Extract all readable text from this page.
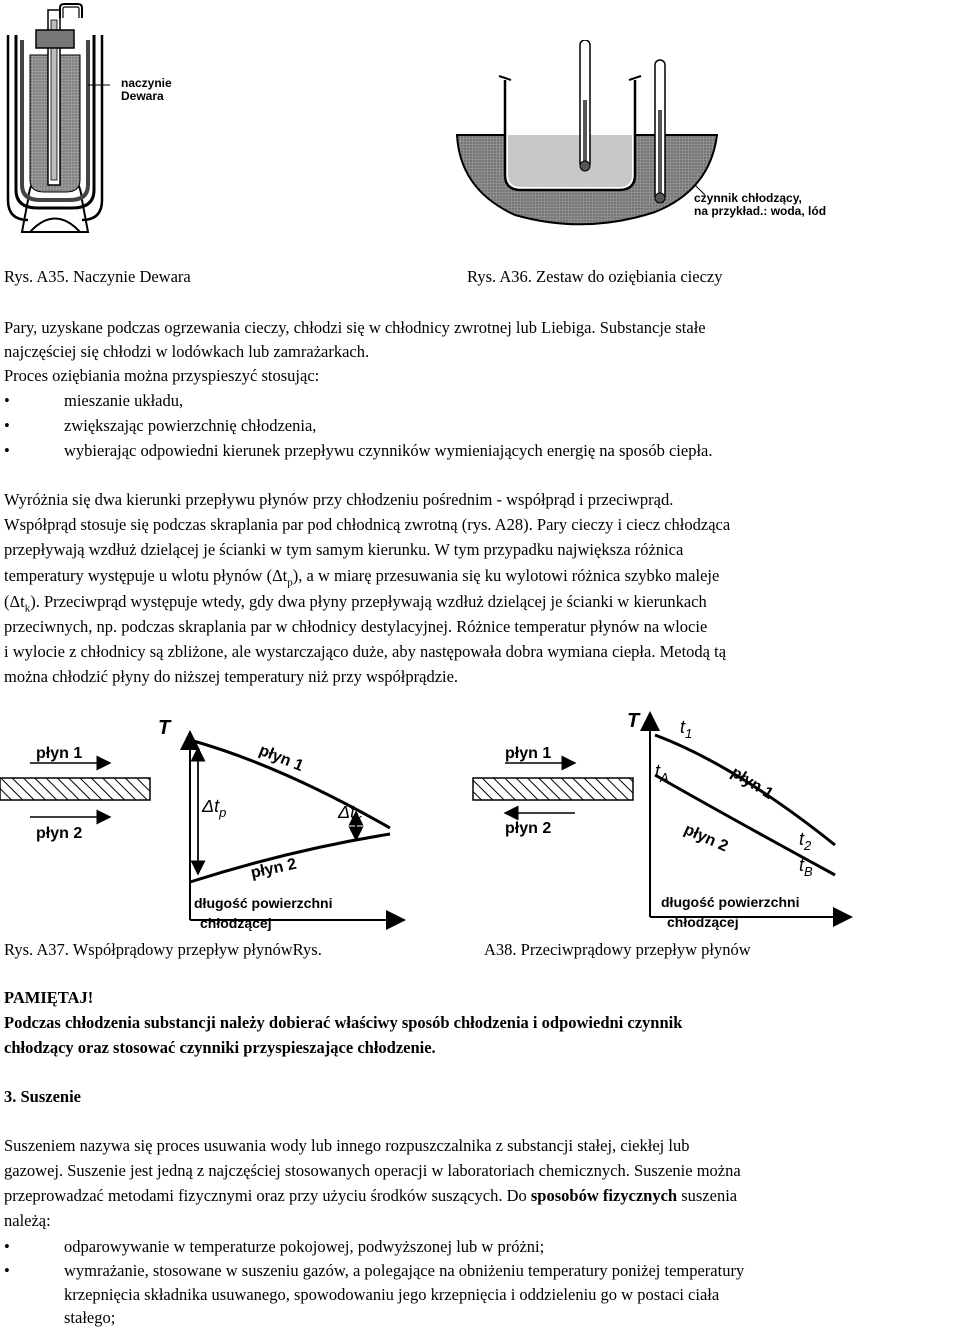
naczynie
Dewara
czynnik chłodzący,
na przykład.: woda, lód
Rys. A35. Naczynie Dewara	Rys. A36. Zestaw do oziębiania cieczy
Pary, uzyskane podczas ogrzewania cieczy, chłodzi się w chłodnicy zwrotnej lub Liebiga. Substancje stałe
najczęściej się chłodzi w lodówkach lub zamrażarkach.
Proces oziębiania można przyspieszyć stosując:
•	mieszanie układu,
•	zwiększając powierzchnię chłodzenia,
•	wybierając odpowiedni kierunek przepływu czynników wymieniających energię na sposób ciepła.
Wyróżnia się dwa kierunki przepływu płynów przy chłodzeniu pośrednim - współprąd i przeciwprąd.
Współprąd stosuje się podczas skraplania par pod chłodnicą zwrotną (rys. A28). Pary cieczy i ciecz chłodząca
przepływają wzdłuż dzielącej je ścianki w tym samym kierunku. W tym przypadku największa różnica
temperatury występuje u wlotu płynów $(\Delta t_p)$, a w miarę przesuwania się ku wylotowi różnica szybko maleje
$(\Delta t_k)$. Przeciwprąd występuje wtedy, gdy dwa płyny przepływają wzdłuż dzielącej je ścianki w kierunkach
przeciwnych, np. podczas skraplania par w chłodnicy destylacyjnej. Różnice temperatur płynów na wlocie
i wylocie z chłodnicy są zbliżone, ale wystarczająco duże, aby następowała dobra wymiana ciepła. Metodą tą
można chłodzić płyny do niższej temperatury niż przy współprądzie.
płyn 1
płyn 2
T
$\Delta t_p$	$\Delta t_k$
płyn 1
płyn 2
długość powierzchni
chłodzącej
płyn 1
płyn 2
T $t_1$
$t_A$
$t_2$
$t_B$
płyn 1
płyn 2
długość powierzchni
chłodzącej
Rys. A37. Współprądowy przepływ płynówRys.	A38. Przeciwprądowy przepływ płynów
PAMIĘTAJ!
Podczas chłodzenia substancji należy dobierać właściwy sposób chłodzenia i odpowiedni czynnik
chłodzący oraz stosować czynniki przyspieszające chłodzenie.
3. Suszenie
Suszeniem nazywa się proces usuwania wody lub innego rozpuszczalnika z substancji stałej, ciekłej lub
gazowej. Suszenie jest jedną z najczęściej stosowanych operacji w laboratoriach chemicznych. Suszenie można
przeprowadzać metodami fizycznymi oraz przy użyciu środków suszących. Do sposobów fizycznych suszenia
należą:
•	odparowywanie w temperaturze pokojowej, podwyższonej lub w próżni;
•	wymrażanie, stosowane w suszeniu gazów, a polegające na obniżeniu temperatury poniżej temperatury
krzepnięcia składnika usuwanego, spowodowaniu jego krzepnięcia i oddzieleniu go w postaci ciała
stałego;
